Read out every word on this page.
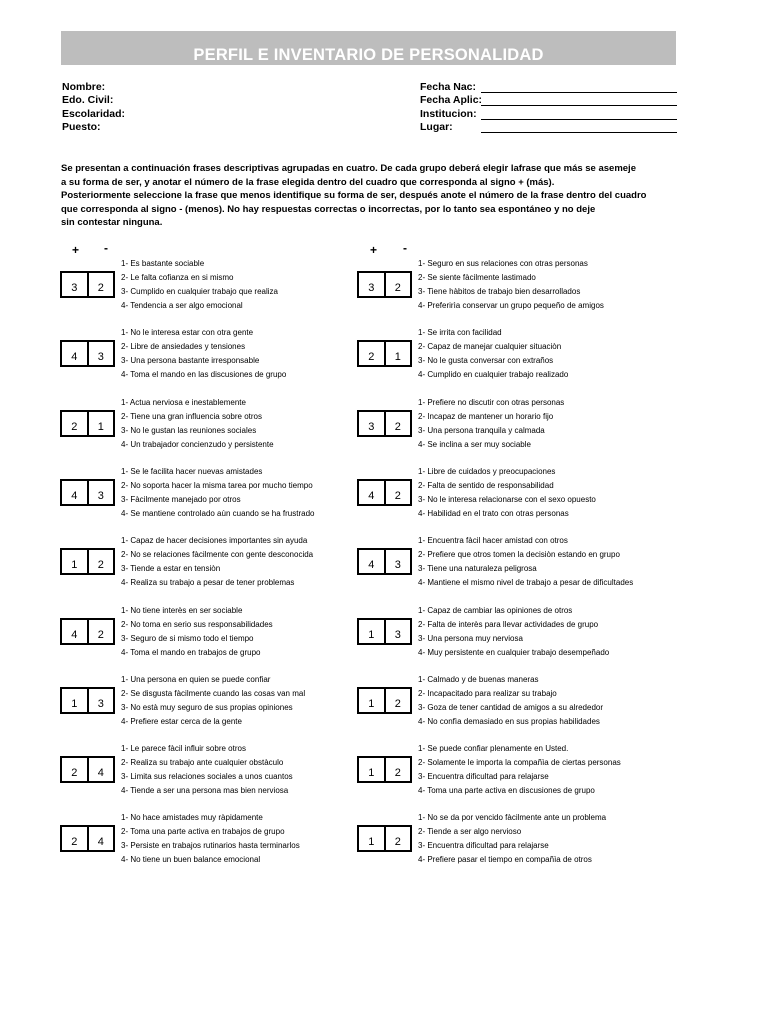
PERFIL E INVENTARIO DE PERSONALIDAD
Nombre:
Edo. Civil:
Escolaridad:
Puesto:
Fecha Nac:
Fecha Aplic:
Institucion:
Lugar:
Se presentan a continuación frases descriptivas agrupadas en cuatro. De cada grupo deberá elegir lafrase que más se asemeje
a su forma de ser, y anotar el número de la frase elegida dentro del cuadro que corresponda al signo + (más).
Posteriormente seleccione la frase que menos identifique su forma de ser, después anote el número de la frase dentro del cuadro
que corresponda al signo - (menos). No hay respuestas correctas o incorrectas, por lo tanto sea espontáneo y no deje
sin contestar ninguna.
+ -	+ -
3	2
1- Es bastante sociable
2- Le falta cofianza en si mismo
3- Cumplido en cualquier trabajo que realiza
4- Tendencia a ser algo emocional
4	3
1- No le interesa estar con otra gente
2- Libre de ansiedades y tensiones
3- Una persona bastante irresponsable
4- Toma el mando en las discusiones de grupo
2	1
1- Actua nerviosa e inestablemente
2- Tiene una gran influencia sobre otros
3- No le gustan las reuniones sociales
4- Un trabajador concienzudo y persistente
4	3
1- Se le facilita hacer nuevas amistades
2- No soporta hacer la misma tarea por mucho tiempo
3- Fàcilmente manejado por otros
4- Se mantiene controlado aùn cuando se ha frustrado
1	2
1- Capaz de hacer decisiones importantes sin ayuda
2- No se relaciones fàcilmente con gente desconocida
3- Tiende a estar en tensiòn
4- Realiza su trabajo a pesar de tener problemas
4	2
1- No tiene interès en ser sociable
2- No toma en serio sus responsabilidades
3- Seguro de si mismo todo el tiempo
4- Toma el mando en trabajos de grupo
1	3
1- Una persona en quien se puede confiar
2- Se disgusta fàcilmente cuando las cosas van mal
3- No està muy seguro de sus propias opiniones
4- Prefiere estar cerca de la gente
2	4
1- Le parece fàcil influir sobre otros
2- Realiza su trabajo ante cualquier obstàculo
3- Limita sus relaciones sociales a unos cuantos
4- Tiende a ser una persona mas bien nerviosa
2	4
1- No hace amistades muy ràpidamente
2- Toma una parte activa en trabajos de grupo
3- Persiste en trabajos rutinarios hasta terminarlos
4- No tiene un buen balance emocional
3	2
1- Seguro en sus relaciones con otras personas
2- Se siente fàcilmente lastimado
3- Tiene hàbitos de trabajo bien desarrollados
4- Preferirìa conservar un grupo pequeño de amigos
2	1
1- Se irrita con facilidad
2- Capaz de manejar cualquier situaciòn
3- No le gusta conversar con extraños
4- Cumplido en cualquier trabajo realizado
3	2
1- Prefiere no discutir con otras personas
2- Incapaz de mantener un horario fijo
3- Una persona tranquila y calmada
4- Se inclina a ser muy sociable
4	2
1- Libre de cuidados y preocupaciones
2- Falta de sentido de responsabilidad
3- No le interesa relacionarse con el sexo opuesto
4- Habilidad en el trato con otras personas
4	3
1- Encuentra fàcil hacer amistad con otros
2- Prefiere que otros tomen la decisiòn estando en grupo
3- Tiene una naturaleza peligrosa
4- Mantiene el mismo nivel de trabajo a pesar de dificultades
1	3
1- Capaz de cambiar las opiniones de otros
2- Falta de interès para llevar actividades de grupo
3- Una persona muy nerviosa
4- Muy persistente en cualquier trabajo desempeñado
1	2
1- Calmado y de buenas maneras
2- Incapacitado para realizar su trabajo
3- Goza de tener cantidad de amigos a su alrededor
4- No confìa demasiado en sus propias habilidades
1	2
1- Se puede confiar plenamente en Usted.
2- Solamente le importa la compañìa de ciertas personas
3- Encuentra dificultad para relajarse
4- Toma una parte activa en discusiones de grupo
1	2
1- No se da por vencido fàcilmente ante un problema
2- Tiende a ser algo nervioso
3- Encuentra dificultad para relajarse
4- Prefiere pasar el tiempo en compañìa de otros
